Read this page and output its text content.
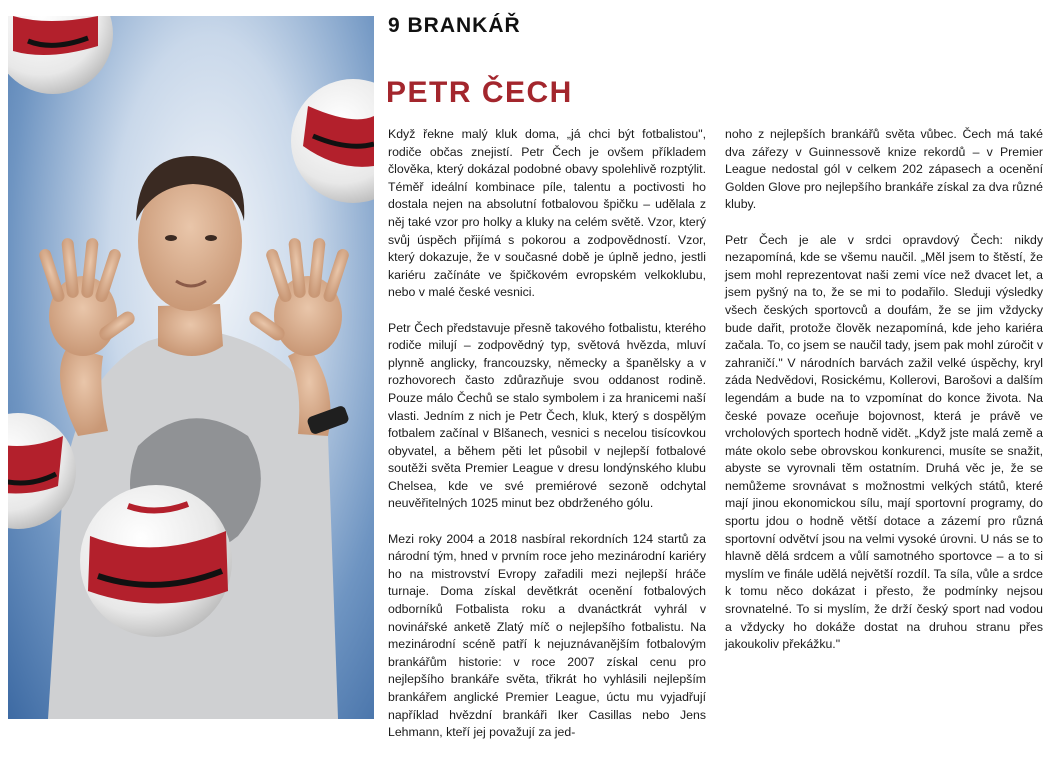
9 BRANKÁŘ
PETR ČECH

Když řekne malý kluk doma, „já chci být fotbalistou", rodiče občas znejistí. Petr Čech je ovšem příkladem člověka, který dokázal podobné obavy spolehlivě rozptýlit. Téměř ideální kombinace píle, talentu a poctivosti ho dostala nejen na absolutní fotbalovou špičku – udělala z něj také vzor pro holky a kluky na celém světě. Vzor, který svůj úspěch přijímá s pokorou a zodpovědností. Vzor, který dokazuje, že v současné době je úplně jedno, jestli kariéru začínáte ve špičkovém evropském velkoklubu, nebo v malé české vesnici.

Petr Čech představuje přesně takového fotbalistu, kterého rodiče milují – zodpovědný typ, světová hvězda, mluví plynně anglicky, francouzsky, německy a španělsky a v rozhovorech často zdůrazňuje svou oddanost rodině. Pouze málo Čechů se stalo symbolem i za hranicemi naší vlasti. Jedním z nich je Petr Čech, kluk, který s dospělým fotbalem začínal v Blšanech, vesnici s necelou tisícovkou obyvatel, a během pěti let působil v nejlepší fotbalové soutěži světa Premier League v dresu londýnského klubu Chelsea, kde ve své premiérové sezoně odchytal neuvěřitelných 1025 minut bez obdrženého gólu.

Mezi roky 2004 a 2018 nasbíral rekordních 124 startů za národní tým, hned v prvním roce jeho mezinárodní kariéry ho na mistrovství Evropy zařadili mezi nejlepší hráče turnaje. Doma získal devětkrát ocenění fotbalových odborníků Fotbalista roku a dvanáctkrát vyhrál v novinářské anketě Zlatý míč o nejlepšího fotbalistu. Na mezinárodní scéně patří k nejuznávanějším fotbalovým brankářům historie: v roce 2007 získal cenu pro nejlepšího brankáře světa, třikrát ho vyhlásili nejlepším brankářem anglické Premier League, úctu mu vyjadřují například hvězdní brankáři Iker Casillas nebo Jens Lehmann, kteří jej považují za jed-

noho z nejlepších brankářů světa vůbec. Čech má také dva zářezy v Guinnessově knize rekordů – v Premier League nedostal gól v celkem 202 zápasech a ocenění Golden Glove pro nejlepšího brankáře získal za dva různé kluby.

Petr Čech je ale v srdci opravdový Čech: nikdy nezapomíná, kde se všemu naučil. „Měl jsem to štěstí, že jsem mohl reprezentovat naši zemi více než dvacet let, a jsem pyšný na to, že se mi to podařilo. Sleduji výsledky všech českých sportovců a doufám, že se jim vždycky bude dařit, protože člověk nezapomíná, kde jeho kariéra začala. To, co jsem se naučil tady, jsem pak mohl zúročit v zahraničí." V národních barvách zažil velké úspěchy, kryl záda Nedvědovi, Rosickému, Kollerovi, Barošovi a dalším legendám a bude na to vzpomínat do konce života. Na české povaze oceňuje bojovnost, která je právě ve vrcholových sportech hodně vidět. „Když jste malá země a máte okolo sebe obrovskou konkurenci, musíte se snažit, abyste se vyrovnali těm ostatním. Druhá věc je, že se nemůžeme srovnávat s možnostmi velkých států, které mají jinou ekonomickou sílu, mají sportovní programy, do sportu jdou o hodně větší dotace a zázemí pro různá sportovní odvětví jsou na velmi vysoké úrovni. U nás se to hlavně dělá srdcem a vůlí samotného sportovce – a to si myslím ve finále udělá největší rozdíl. Ta síla, vůle a srdce k tomu něco dokázat i přesto, že podmínky nejsou srovnatelné. To si myslím, že drží český sport nad vodou a vždycky ho dokáže dostat na druhou stranu přes jakoukoliv překážku."
